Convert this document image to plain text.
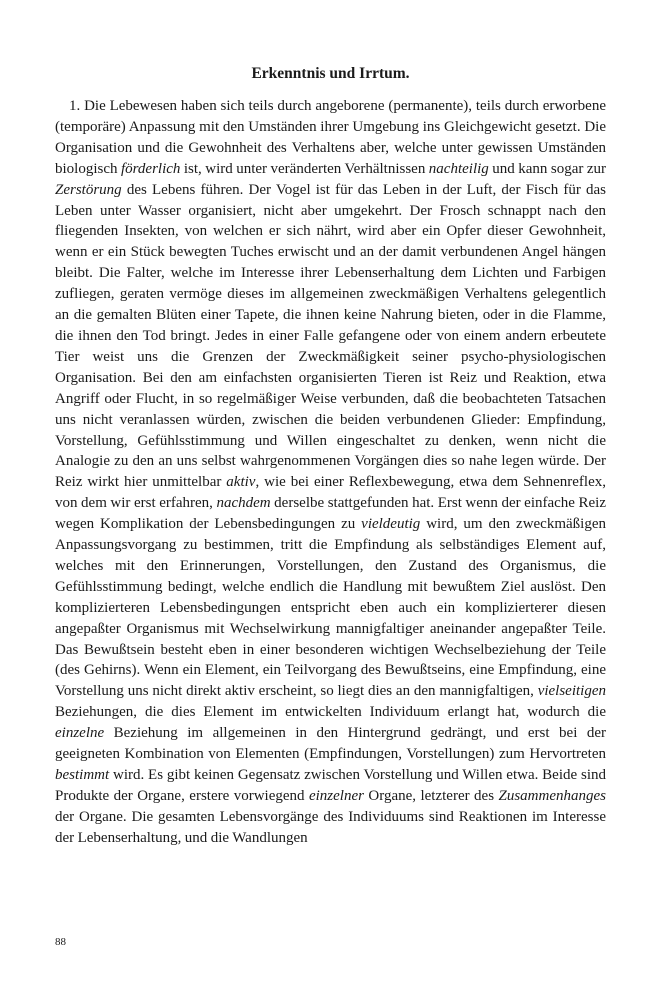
Erkenntnis und Irrtum.

1. Die Lebewesen haben sich teils durch angeborene (permanente), teils durch erworbene (temporäre) Anpassung mit den Umständen ihrer Umgebung ins Gleichgewicht gesetzt. Die Organisation und die Gewohnheit des Verhaltens aber, welche unter gewissen Umständen biologisch förderlich ist, wird unter veränderten Verhältnissen nachteilig und kann sogar zur Zerstörung des Lebens führen. Der Vogel ist für das Leben in der Luft, der Fisch für das Leben unter Wasser organisiert, nicht aber umgekehrt. Der Frosch schnappt nach den fliegenden Insekten, von welchen er sich nährt, wird aber ein Opfer dieser Gewohnheit, wenn er ein Stück bewegten Tuches erwischt und an der damit verbundenen Angel hängen bleibt. Die Falter, welche im Interesse ihrer Lebenserhaltung dem Lichten und Farbigen zufliegen, geraten vermöge dieses im allgemeinen zweckmäßigen Verhaltens gelegentlich an die gemalten Blüten einer Tapete, die ihnen keine Nahrung bieten, oder in die Flamme, die ihnen den Tod bringt. Jedes in einer Falle gefangene oder von einem andern erbeutete Tier weist uns die Grenzen der Zweckmäßigkeit seiner psycho-physiologischen Organisation. Bei den am einfachsten organisierten Tieren ist Reiz und Reaktion, etwa Angriff oder Flucht, in so regelmäßiger Weise verbunden, daß die beobachteten Tatsachen uns nicht veranlassen würden, zwischen die beiden verbundenen Glieder: Empfindung, Vorstellung, Gefühlsstimmung und Willen eingeschaltet zu denken, wenn nicht die Analogie zu den an uns selbst wahrgenommenen Vorgängen dies so nahe legen würde. Der Reiz wirkt hier unmittelbar aktiv, wie bei einer Reflexbewegung, etwa dem Sehnenreflex, von dem wir erst erfahren, nachdem derselbe stattgefunden hat. Erst wenn der einfache Reiz wegen Komplikation der Lebensbedingungen zu vieldeutig wird, um den zweckmäßigen Anpassungsvorgang zu bestimmen, tritt die Empfindung als selbständiges Element auf, welches mit den Erinnerungen, Vorstellungen, den Zustand des Organismus, die Gefühlsstimmung bedingt, welche endlich die Handlung mit bewußtem Ziel auslöst. Den komplizierteren Lebensbedingungen entspricht eben auch ein komplizierterer diesen angepaßter Organismus mit Wechselwirkung mannigfaltiger aneinander angepaßter Teile. Das Bewußtsein besteht eben in einer besonderen wichtigen Wechselbeziehung der Teile (des Gehirns). Wenn ein Element, ein Teilvorgang des Bewußtseins, eine Empfindung, eine Vorstellung uns nicht direkt aktiv erscheint, so liegt dies an den mannigfaltigen, vielseitigen Beziehungen, die dies Element im entwickelten Individuum erlangt hat, wodurch die einzelne Beziehung im allgemeinen in den Hintergrund gedrängt, und erst bei der geeigneten Kombination von Elementen (Empfindungen, Vorstellungen) zum Hervortreten bestimmt wird. Es gibt keinen Gegensatz zwischen Vorstellung und Willen etwa. Beide sind Produkte der Organe, erstere vorwiegend einzelner Organe, letzterer des Zusammenhanges der Organe. Die gesamten Lebensvorgänge des Individuums sind Reaktionen im Interesse der Lebenserhaltung, und die Wandlungen

88
